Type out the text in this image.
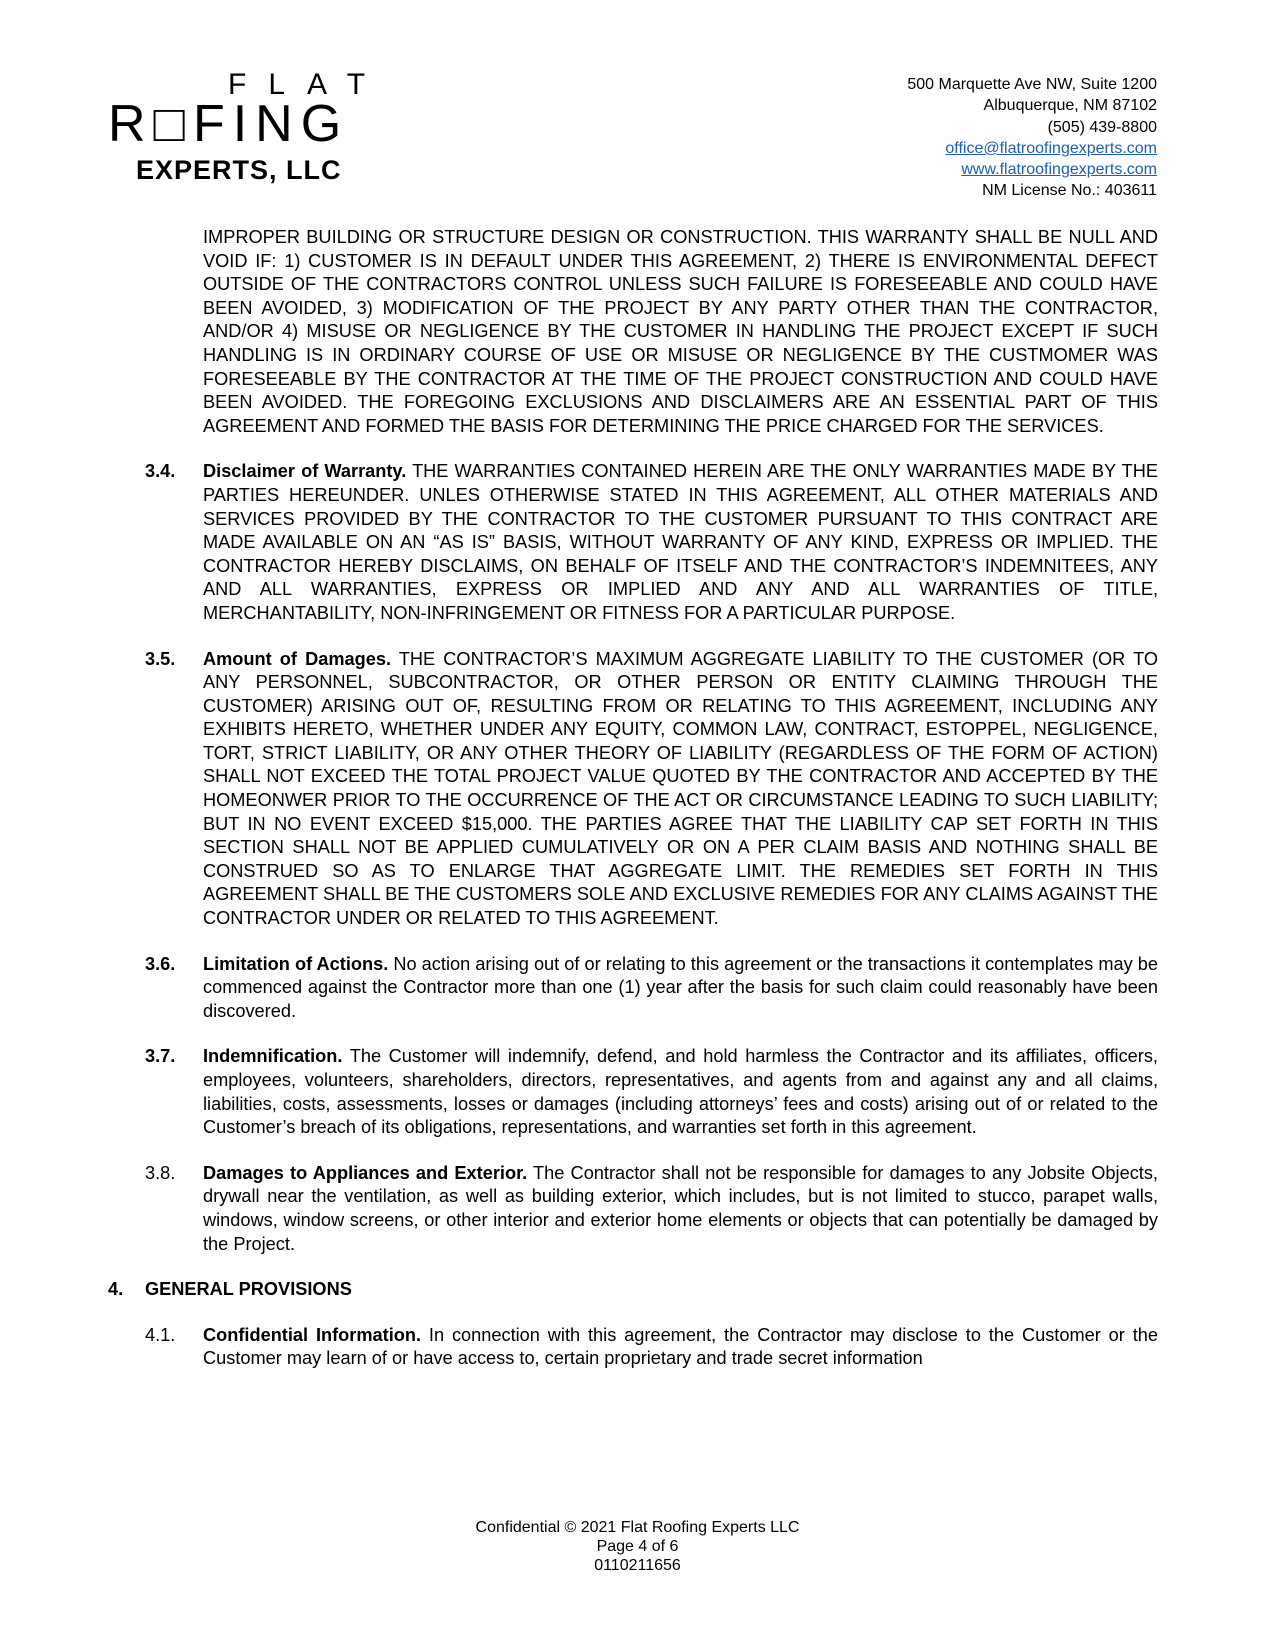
FLAT
R□FING
EXPERTS, LLC
500 Marquette Ave NW, Suite 1200
Albuquerque, NM 87102
(505) 439-8800
office@flatroofingexperts.com
www.flatroofingexperts.com
NM License No.: 403611
IMPROPER BUILDING OR STRUCTURE DESIGN OR CONSTRUCTION. THIS WARRANTY SHALL BE NULL AND VOID IF: 1) CUSTOMER IS IN DEFAULT UNDER THIS AGREEMENT, 2) THERE IS ENVIRONMENTAL DEFECT OUTSIDE OF THE CONTRACTORS CONTROL UNLESS SUCH FAILURE IS FORESEEABLE AND COULD HAVE BEEN AVOIDED, 3) MODIFICATION OF THE PROJECT BY ANY PARTY OTHER THAN THE CONTRACTOR, AND/OR 4) MISUSE OR NEGLIGENCE BY THE CUSTOMER IN HANDLING THE PROJECT EXCEPT IF SUCH HANDLING IS IN ORDINARY COURSE OF USE OR MISUSE OR NEGLIGENCE BY THE CUSTMOMER WAS FORESEEABLE BY THE CONTRACTOR AT THE TIME OF THE PROJECT CONSTRUCTION AND COULD HAVE BEEN AVOIDED. THE FOREGOING EXCLUSIONS AND DISCLAIMERS ARE AN ESSENTIAL PART OF THIS AGREEMENT AND FORMED THE BASIS FOR DETERMINING THE PRICE CHARGED FOR THE SERVICES.
3.4.	Disclaimer of Warranty. THE WARRANTIES CONTAINED HEREIN ARE THE ONLY WARRANTIES MADE BY THE PARTIES HEREUNDER. UNLES OTHERWISE STATED IN THIS AGREEMENT, ALL OTHER MATERIALS AND SERVICES PROVIDED BY THE CONTRACTOR TO THE CUSTOMER PURSUANT TO THIS CONTRACT ARE MADE AVAILABLE ON AN “AS IS” BASIS, WITHOUT WARRANTY OF ANY KIND, EXPRESS OR IMPLIED. THE CONTRACTOR HEREBY DISCLAIMS, ON BEHALF OF ITSELF AND THE CONTRACTOR’S INDEMNITEES, ANY AND ALL WARRANTIES, EXPRESS OR IMPLIED AND ANY AND ALL WARRANTIES OF TITLE, MERCHANTABILITY, NON-INFRINGEMENT OR FITNESS FOR A PARTICULAR PURPOSE.
3.5.	Amount of Damages. THE CONTRACTOR’S MAXIMUM AGGREGATE LIABILITY TO THE CUSTOMER (OR TO ANY PERSONNEL, SUBCONTRACTOR, OR OTHER PERSON OR ENTITY CLAIMING THROUGH THE CUSTOMER) ARISING OUT OF, RESULTING FROM OR RELATING TO THIS AGREEMENT, INCLUDING ANY EXHIBITS HERETO, WHETHER UNDER ANY EQUITY, COMMON LAW, CONTRACT, ESTOPPEL, NEGLIGENCE, TORT, STRICT LIABILITY, OR ANY OTHER THEORY OF LIABILITY (REGARDLESS OF THE FORM OF ACTION) SHALL NOT EXCEED THE TOTAL PROJECT VALUE QUOTED BY THE CONTRACTOR AND ACCEPTED BY THE HOMEONWER PRIOR TO THE OCCURRENCE OF THE ACT OR CIRCUMSTANCE LEADING TO SUCH LIABILITY; BUT IN NO EVENT EXCEED $15,000. THE PARTIES AGREE THAT THE LIABILITY CAP SET FORTH IN THIS SECTION SHALL NOT BE APPLIED CUMULATIVELY OR ON A PER CLAIM BASIS AND NOTHING SHALL BE CONSTRUED SO AS TO ENLARGE THAT AGGREGATE LIMIT. THE REMEDIES SET FORTH IN THIS AGREEMENT SHALL BE THE CUSTOMERS SOLE AND EXCLUSIVE REMEDIES FOR ANY CLAIMS AGAINST THE CONTRACTOR UNDER OR RELATED TO THIS AGREEMENT.
3.6.	Limitation of Actions. No action arising out of or relating to this agreement or the transactions it contemplates may be commenced against the Contractor more than one (1) year after the basis for such claim could reasonably have been discovered.
3.7.	Indemnification. The Customer will indemnify, defend, and hold harmless the Contractor and its affiliates, officers, employees, volunteers, shareholders, directors, representatives, and agents from and against any and all claims, liabilities, costs, assessments, losses or damages (including attorneys’ fees and costs) arising out of or related to the Customer’s breach of its obligations, representations, and warranties set forth in this agreement.
3.8.	Damages to Appliances and Exterior. The Contractor shall not be responsible for damages to any Jobsite Objects, drywall near the ventilation, as well as building exterior, which includes, but is not limited to stucco, parapet walls, windows, window screens, or other interior and exterior home elements or objects that can potentially be damaged by the Project.
4.	GENERAL PROVISIONS
4.1.	Confidential Information. In connection with this agreement, the Contractor may disclose to the Customer or the Customer may learn of or have access to, certain proprietary and trade secret information
Confidential © 2021 Flat Roofing Experts LLC
Page 4 of 6
0110211656
